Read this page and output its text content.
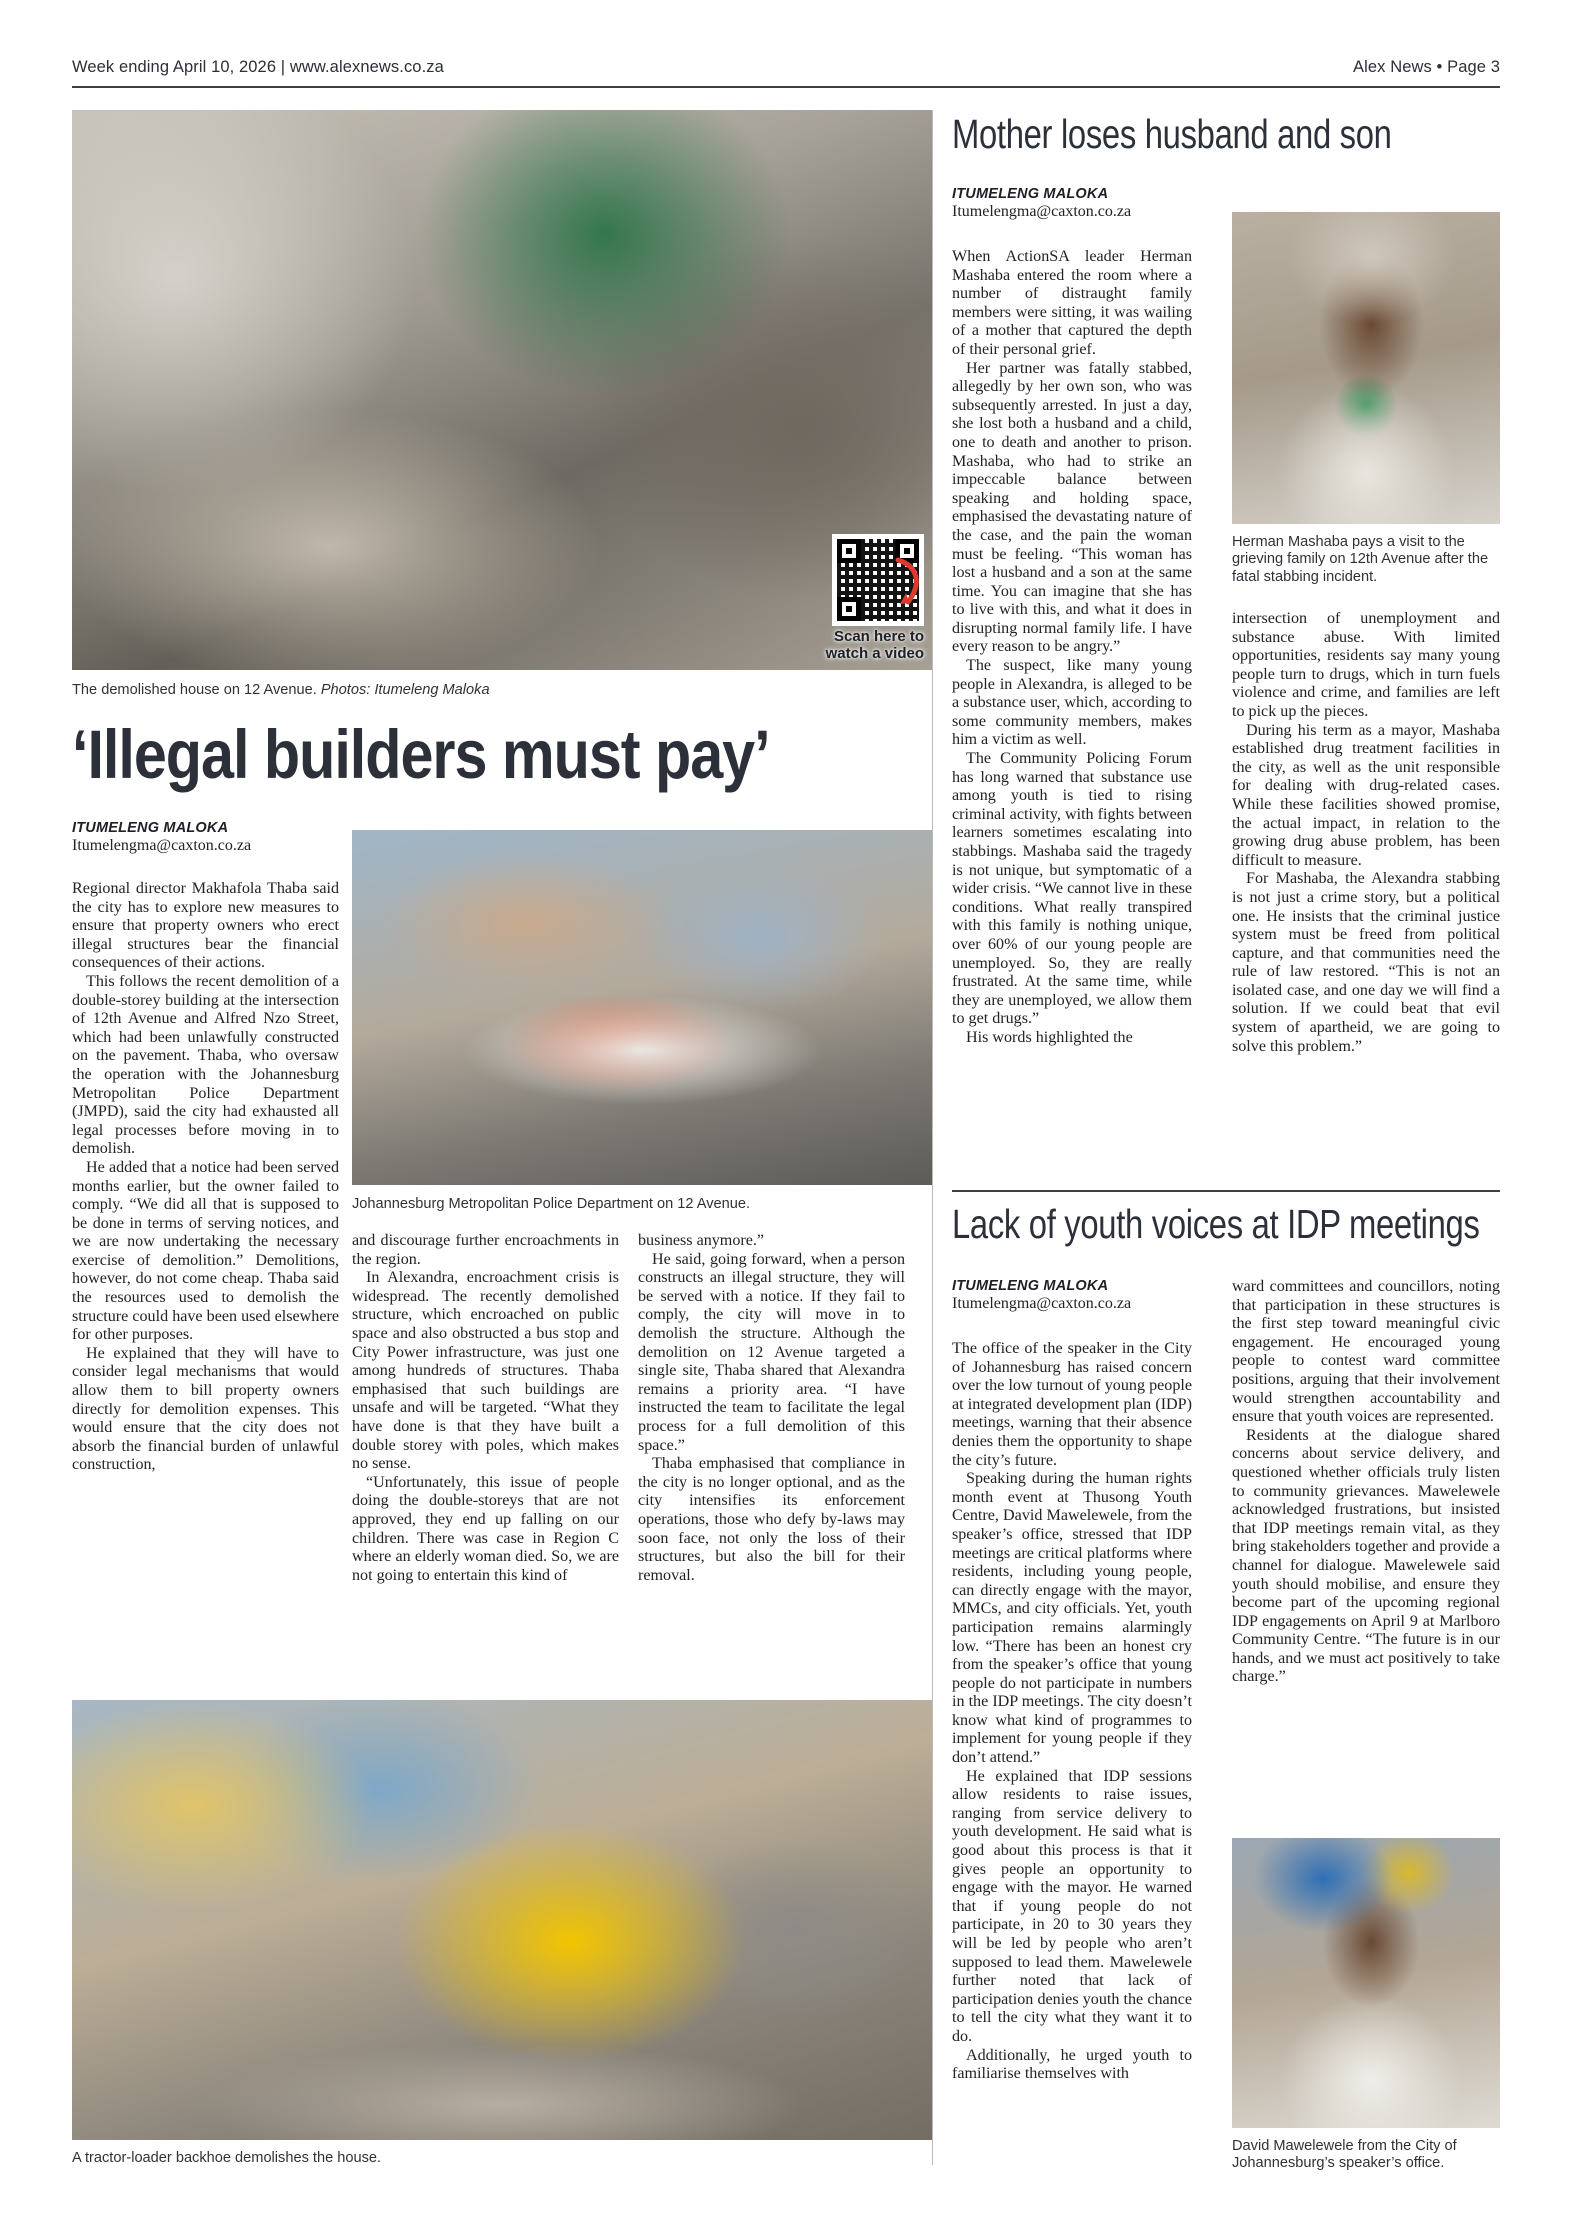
Week ending April 10, 2026 | www.alexnews.co.za	Alex News • Page 3
Scan here to
watch a video
The demolished house on 12 Avenue. Photos: Itumeleng Maloka
‘Illegal builders must pay’
ITUMELENG MALOKA
Itumelengma@caxton.co.za

Regional director Makhafola Thaba said the city has to explore new measures to ensure that property owners who erect illegal structures bear the financial consequences of their actions.

This follows the recent demolition of a double-storey building at the intersection of 12th Avenue and Alfred Nzo Street, which had been unlawfully constructed on the pavement. Thaba, who oversaw the operation with the Johannesburg Metropolitan Police Department (JMPD), said the city had exhausted all legal processes before moving in to demolish.

He added that a notice had been served months earlier, but the owner failed to comply. “We did all that is supposed to be done in terms of serving notices, and we are now undertaking the necessary exercise of demolition.” Demolitions, however, do not come cheap. Thaba said the resources used to demolish the structure could have been used elsewhere for other purposes.

He explained that they will have to consider legal mechanisms that would allow them to bill property owners directly for demolition expenses. This would ensure that the city does not absorb the financial burden of unlawful construction,

Johannesburg Metropolitan Police Department on 12 Avenue.

and discourage further encroachments in the region.

In Alexandra, encroachment crisis is widespread. The recently demolished structure, which encroached on public space and also obstructed a bus stop and City Power infrastructure, was just one among hundreds of structures. Thaba emphasised that such buildings are unsafe and will be targeted. “What they have done is that they have built a double storey with poles, which makes no sense.

“Unfortunately, this issue of people doing the double-storeys that are not approved, they end up falling on our children. There was case in Region C where an elderly woman died. So, we are not going to entertain this kind of

business anymore.”

He said, going forward, when a person constructs an illegal structure, they will be served with a notice. If they fail to comply, the city will move in to demolish the structure. Although the demolition on 12 Avenue targeted a single site, Thaba shared that Alexandra remains a priority area. “I have instructed the team to facilitate the legal process for a full demolition of this space.”

Thaba emphasised that compliance in the city is no longer optional, and as the city intensifies its enforcement operations, those who defy by-laws may soon face, not only the loss of their structures, but also the bill for their removal.

A tractor-loader backhoe demolishes the house.
Mother loses husband and son
ITUMELENG MALOKA
Itumelengma@caxton.co.za

When ActionSA leader Herman Mashaba entered the room where a number of distraught family members were sitting, it was wailing of a mother that captured the depth of their personal grief.

Her partner was fatally stabbed, allegedly by her own son, who was subsequently arrested. In just a day, she lost both a husband and a child, one to death and another to prison. Mashaba, who had to strike an impeccable balance between speaking and holding space, emphasised the devastating nature of the case, and the pain the woman must be feeling. “This woman has lost a husband and a son at the same time. You can imagine that she has to live with this, and what it does in disrupting normal family life. I have every reason to be angry.”

The suspect, like many young people in Alexandra, is alleged to be a substance user, which, according to some community members, makes him a victim as well.

The Community Policing Forum has long warned that substance use among youth is tied to rising criminal activity, with fights between learners sometimes escalating into stabbings. Mashaba said the tragedy is not unique, but symptomatic of a wider crisis. “We cannot live in these conditions. What really transpired with this family is nothing unique, over 60% of our young people are unemployed. So, they are really frustrated. At the same time, while they are unemployed, we allow them to get drugs.”

His words highlighted the

Herman Mashaba pays a visit to the grieving family on 12th Avenue after the fatal stabbing incident.

intersection of unemployment and substance abuse. With limited opportunities, residents say many young people turn to drugs, which in turn fuels violence and crime, and families are left to pick up the pieces.

During his term as a mayor, Mashaba established drug treatment facilities in the city, as well as the unit responsible for dealing with drug-related cases. While these facilities showed promise, the actual impact, in relation to the growing drug abuse problem, has been difficult to measure.

For Mashaba, the Alexandra stabbing is not just a crime story, but a political one. He insists that the criminal justice system must be freed from political capture, and that communities need the rule of law restored. “This is not an isolated case, and one day we will find a solution. If we could beat that evil system of apartheid, we are going to solve this problem.”

Lack of youth voices at IDP meetings
ITUMELENG MALOKA
Itumelengma@caxton.co.za

The office of the speaker in the City of Johannesburg has raised concern over the low turnout of young people at integrated development plan (IDP) meetings, warning that their absence denies them the opportunity to shape the city’s future.

Speaking during the human rights month event at Thusong Youth Centre, David Mawelewele, from the speaker’s office, stressed that IDP meetings are critical platforms where residents, including young people, can directly engage with the mayor, MMCs, and city officials. Yet, youth participation remains alarmingly low. “There has been an honest cry from the speaker’s office that young people do not participate in numbers in the IDP meetings. The city doesn’t know what kind of programmes to implement for young people if they don’t attend.”

He explained that IDP sessions allow residents to raise issues, ranging from service delivery to youth development. He said what is good about this process is that it gives people an opportunity to engage with the mayor. He warned that if young people do not participate, in 20 to 30 years they will be led by people who aren’t supposed to lead them. Mawelewele further noted that lack of participation denies youth the chance to tell the city what they want it to do.

Additionally, he urged youth to familiarise themselves with

ward committees and councillors, noting that participation in these structures is the first step toward meaningful civic engagement. He encouraged young people to contest ward committee positions, arguing that their involvement would strengthen accountability and ensure that youth voices are represented.

Residents at the dialogue shared concerns about service delivery, and questioned whether officials truly listen to community grievances. Mawelewele acknowledged frustrations, but insisted that IDP meetings remain vital, as they bring stakeholders together and provide a channel for dialogue. Mawelewele said youth should mobilise, and ensure they become part of the upcoming regional IDP engagements on April 9 at Marlboro Community Centre. “The future is in our hands, and we must act positively to take charge.”

David Mawelewele from the City of Johannesburg’s speaker’s office.
